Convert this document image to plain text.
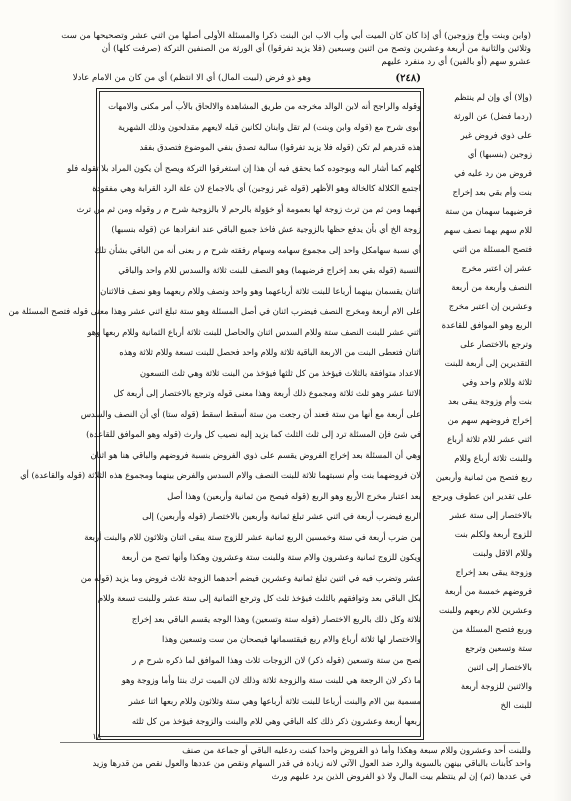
(وابن وبنت وأخ وزوجين) أي إذا كان كان الميت أبي وأب الاب ابن البنت ذكرا والمسئلة الأولى أصلها من اثني عشر وتصحيحها من ست
وثلاثين والثانية من أربعة وعشرين وتصح من اثنين وسبعين (فلا يزيد تفرقوا) أي الورثة من الصنفين التركة (صرفت كلها) أن
عشرو سهم (أو بالفين) أي رد منفرد عليهم
(٢٤٨)
وهو ذو فرض (لبيت المال) أي الا انتظم) أي من كان من الامام عادلا
وقوله والراجح أنه لابن الوالد مخرجه من طريق المشاهدة والالحاق بالأب أمر مكنى والامهات
أبوى شرح مع (قوله وابن وبنت) لم تقل وابنان لكانين قيله لايعهم مقدلحون وذلك الشهرية
هذه قدرهم لم تكن (قوله فلا يزيد تفرقوا) سالبة تصدق بنفي الموضوع فتصدق بفقد
كلهم كما أشار اليه وبوجوده كما يحقق فيه أن هذا إن استغرقوا التركة ويصح أن يكون المراد بلا تقوله فلو
اجتمع الكلالة كالخالة وهو الأظهر (قوله غير زوجين) أي بالاجماع لان علة الرد القرابة وهي مفقودة
فيهما ومن ثم من ترث زوجة لها بعمومة أو خؤولة بالرحم لا بالزوجية شرح م ر وقوله ومن ثم من ترث
زوجة الخ أي بأن يدفع حظها بالزوجية عش فاخذ جميع الباقي عند انفرادها عن (قوله بنسبها)
أي نسبة سهامكل واحد إلى مجموع سهامه وسهام رفقته شرح م ر بعنى أنه من الباقي بشأن تلك
النسبة (قوله بقي بعد إخراج فرضيهما) وهو النصف للبنت ثلاثة والسدس للام واحد والباقي
اثنان يقسمان بينهما أرباعا للبنت ثلاثة أرباعهما وهو واحد ونصف وللام ربعهما وهو نصف فالاثنان
على الام أربعة ومخرج النصف فيضرب اثنان في أصل المسئلة وهو ستة تبلغ اثني عشر وهذا معنى قوله فتصح المسئلة من
اثني عشر للبنت النصف ستة وللام السدس اثنان والحاصل للبنت ثلاثة أرباع الثمانية وللام ربعها وهو
اثنان فتعطى البنت من الاربعة الباقية ثلاثة وللام واحد فحصل للبنت تسعة وللام ثلاثة وهذه
الاعداد متوافقة بالثلاث فيؤخذ من كل ثلثها فيؤخذ من البنت ثلاثة وهي ثلث التسعون
الاثنا عشر وهو ثلث ثلاثة ومجموع ذلك أربعة وهذا معنى قوله وترجع بالاختصار إلى أربعة كل
على أربعة مع أنها من ستة فعند أن رجعت من ستة أسقط اسقط (قوله ستا) أي أن النصف والسدس
في شئ فإن المسئلة ترد إلى ثلث الثلث كما يزيد إليه نصيب كل وارث (قوله وهو الموافق للقاعدة)
وهي أن المسئلة بعد إخراج الفروض يقسم على ذوي الفروض بنسبة فروضهم والباقي هنا هو اثنان
لان فروضهما بنت وأم نسبتهما ثلاثة للبنت النصف والام السدس والفرض بينهما ومجموع هذه الثلاثة (قوله والقاعدة) أي
بعد اعتبار مخرج الأربع وهو الربع (قوله فيصح من ثمانية وأربعين) وهذا أصل
الربع فيضرب أربعة في اثني عشر تبلغ ثمانية وأربعين بالاختصار (قوله وأربعين) إلى
من ضرب أربعة في ستة وخمسين الربع ثمانية عشر للزوج ستة يبقى اثنان وثلاثون للام والبنت أربعة
ويكون للزوج ثمانية وعشرون والام ستة وللبنت ستة وعشرون وهكذا وأنها تصح من أربعة
عشر وتضرب فيه في اثنين تبلغ ثمانية وعشرين فيضم أحدهما الزوجة ثلاث فروض وما يزيد (قوله من
بكل الباقي بعد وتوافقهم بالثلث فيؤخذ ثلث كل وترجع الثمانية إلى ستة عشر وللبنت تسعة وللام
ثلاثة وكل ذلك بالربع الاختصار (قوله ستة وتسعين) وهذا الوجه يقسم الباقي بعد إخراج
والاختصار لها ثلاثة أرباع والام ربع فيقتسمانها فيصحان من ست وتسعين وهذا
تصح من ستة وتسعين (قوله ذكر) لان الزوجات ثلاث وهذا الموافق لما ذكره شرح م ر
ما ذكر لان الرجعة هي للبنت ستة والزوجة ثلاثة وذلك لان الميت ترك بنتا وأما وزوجة وهو
مسمية بين الام والبنت أرباعا للبنت ثلاثة أرباعها وهي ستة وثلاثون وللام ربعها اثنا عشر
ربعها أربعة وعشرون ذكر ذلك كله الباقي وهي للام والبنت والزوجة فيؤخذ من كل ثلثه
(وإلا) أي وإن لم ينتظم
(ردما فضل) عن الورثة
على ذوي فروض غير
زوجين (بنسبها) أي
فروض من رد عليه في
بنت وأم بقي بعد إخراج
فرضيهما سهمان من ستة
للام سهم بهما نصف سهم
فتصح المسئلة من اثني
عشر إن اعتبر مخرج
النصف وأربعة من أربعة
وعشرين إن اعتبر مخرج
الربع وهو الموافق للقاعدة
وترجع بالاختصار على
التقديرين إلى أربعة للبنت
ثلاثة وللام واحد وفي
بنت وأم وزوجة يبقى بعد
إخراج فروضهم سهم من
اثني عشر للام ثلاثة أرباع
وللبنت ثلاثة أرباع وللام
ربع فتصح من ثمانية وأربعين
على تقدير ابن عطوف ويرجع
بالاختصار إلى ستة عشر
للزوج أربعة ولكلم بنت
وللام الاقل ولبنت
وزوجة يبقى بعد إخراج
فروضهم خمسة من أربعة
وعشرين للام ربعهم وللبنت
وربع فتصح المسئلة من
ستة وتسعين وترجع
بالاختصار إلى اثنين
والاثنين للزوجة أربعة
للبنت الخ
١٨
وللبنت أحد وعشرون وللام سبعة وهكذا وأما ذو الفروض واحدا كبنت ردعليه الباقي أو جماعة من صنف
واحد كأبنات بالباقي بينهن بالسوية والرد ضد العول الآتي لانه زيادة في قدر السهام ونقص من عددها والعول نقص من قدرها وزيد
في عددها (ثم) إن لم ينتظم بيت المال ولا ذو الفروض الذين يرد عليهم ورث
